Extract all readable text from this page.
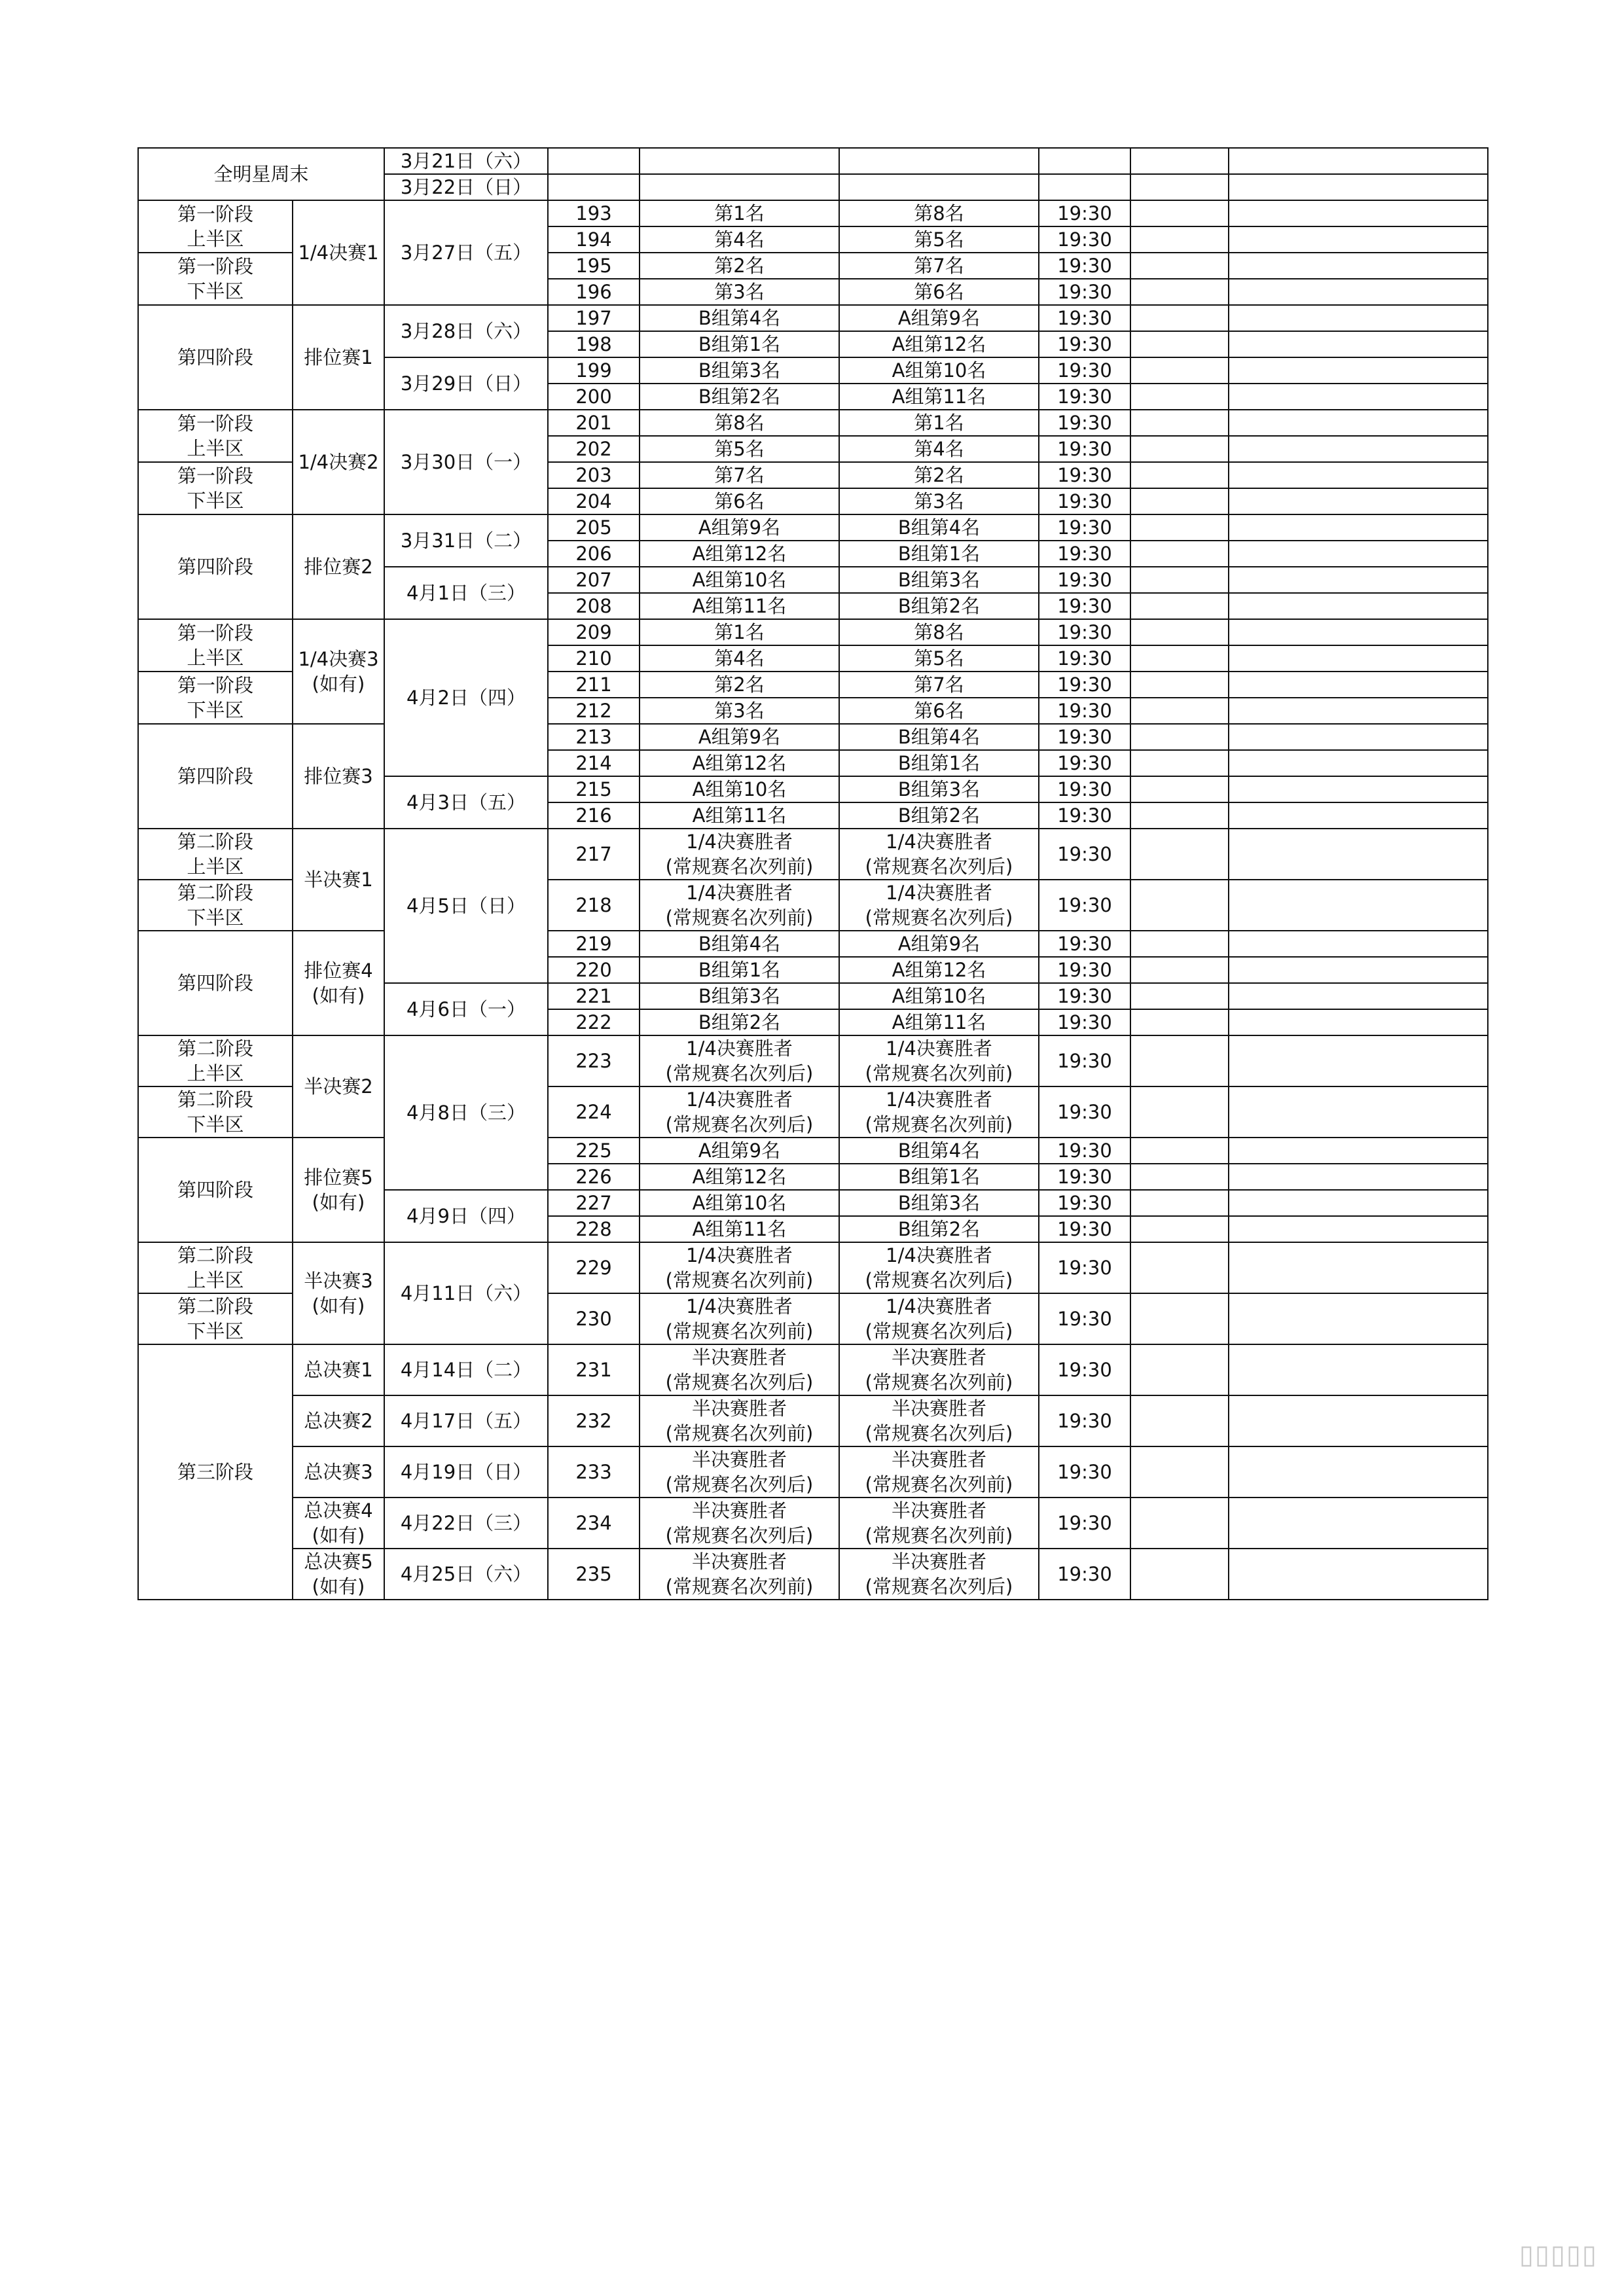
全明星周末		3月21日（六）						
		3月22日（日）						

第一阶段
上半区	1/4决赛1	3月27日（五）	193	第1名	第8名	19:30		
			194	第4名	第5名	19:30		

第一阶段
下半区			195	第2名	第7名	19:30		
			196	第3名	第6名	19:30		
第四阶段	排位赛1	3月28日（六）	197	B组第4名	A组第9名	19:30		
			198	B组第1名	A组第12名	19:30		
		3月29日（日）	199	B组第3名	A组第10名	19:30		
			200	B组第2名	A组第11名	19:30		

第一阶段
上半区	1/4决赛2	3月30日（一）	201	第8名	第1名	19:30		
			202	第5名	第4名	19:30		

第一阶段
下半区			203	第7名	第2名	19:30		
			204	第6名	第3名	19:30		
第四阶段	排位赛2	3月31日（二）	205	A组第9名	B组第4名	19:30		
			206	A组第12名	B组第1名	19:30		
		4月1日（三）	207	A组第10名	B组第3名	19:30		
			208	A组第11名	B组第2名	19:30		

第一阶段
上半区	1/4决赛3
(如有)	4月2日（四）	209	第1名	第8名	19:30		
			210	第4名	第5名	19:30		

第一阶段
下半区			211	第2名	第7名	19:30		
			212	第3名	第6名	19:30		
第四阶段	排位赛3		213	A组第9名	B组第4名	19:30		
			214	A组第12名	B组第1名	19:30		
		4月3日（五）	215	A组第10名	B组第3名	19:30		
			216	A组第11名	B组第2名	19:30		

第二阶段
上半区	半决赛1	4月5日（日）	217	1/4决赛胜者
(常规赛名次列前)	1/4决赛胜者
(常规赛名次列后)	19:30		

第二阶段
下半区			218	1/4决赛胜者
(常规赛名次列前)	1/4决赛胜者
(常规赛名次列后)	19:30		
第四阶段	排位赛4
(如有)		219	B组第4名	A组第9名	19:30		
			220	B组第1名	A组第12名	19:30		
		4月6日（一）	221	B组第3名	A组第10名	19:30		
			222	B组第2名	A组第11名	19:30		

第二阶段
上半区	半决赛2	4月8日（三）	223	1/4决赛胜者
(常规赛名次列后)	1/4决赛胜者
(常规赛名次列前)	19:30		

第二阶段
下半区			224	1/4决赛胜者
(常规赛名次列后)	1/4决赛胜者
(常规赛名次列前)	19:30		
第四阶段	排位赛5
(如有)		225	A组第9名	B组第4名	19:30		
			226	A组第12名	B组第1名	19:30		
		4月9日（四）	227	A组第10名	B组第3名	19:30		
			228	A组第11名	B组第2名	19:30		

第二阶段
上半区	半决赛3
(如有)	4月11日（六）	229	1/4决赛胜者
(常规赛名次列前)	1/4决赛胜者
(常规赛名次列后)	19:30		

第二阶段
下半区			230	1/4决赛胜者
(常规赛名次列前)	1/4决赛胜者
(常规赛名次列后)	19:30		
第三阶段	总决赛1	4月14日（二）	231	半决赛胜者
(常规赛名次列后)	半决赛胜者
(常规赛名次列前)	19:30		
	总决赛2	4月17日（五）	232	半决赛胜者
(常规赛名次列前)	半决赛胜者
(常规赛名次列后)	19:30		
	总决赛3	4月19日（日）	233	半决赛胜者
(常规赛名次列后)	半决赛胜者
(常规赛名次列前)	19:30		

	总决赛4
(如有)	4月22日（三）	234	半决赛胜者
(常规赛名次列后)	半决赛胜者
(常规赛名次列前)	19:30		

	总决赛5
(如有)	4月25日（六）	235	半决赛胜者
(常规赛名次列前)	半决赛胜者
(常规赛名次列后)	19:30		
▯▯▯▯▯
